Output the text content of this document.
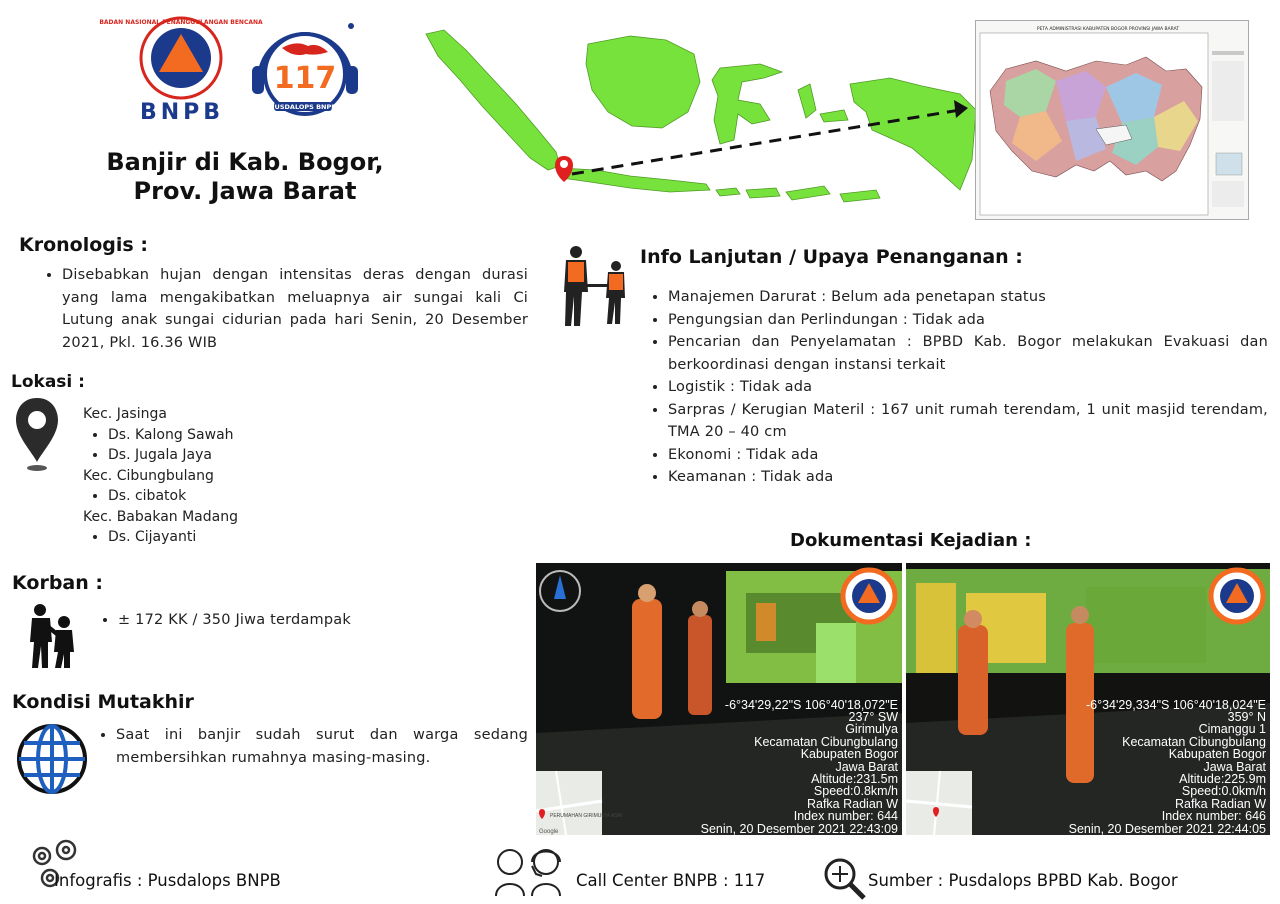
BADAN NASIONAL PENANGGULANGAN BENCANA
BNPB
117
PUSDALOPS BNPB
Banjir di Kab. Bogor,
Prov. Jawa Barat
PETA ADMINISTRASI KABUPATEN BOGOR PROVINSI JAWA BARAT
Kronologis :
• Disebabkan hujan dengan intensitas deras dengan durasi yang lama mengakibatkan meluapnya air sungai kali Ci Lutung anak sungai cidurian pada hari Senin, 20 Desember 2021, Pkl. 16.36 WIB
Lokasi :
Kec. Jasinga
• Ds. Kalong Sawah
• Ds. Jugala Jaya
Kec. Cibungbulang
• Ds. cibatok
Kec. Babakan Madang
• Ds. Cijayanti
Korban :
• ± 172 KK / 350 Jiwa terdampak
Kondisi Mutakhir
• Saat ini banjir sudah surut dan warga sedang membersihkan rumahnya masing-masing.
Info Lanjutan / Upaya Penanganan :
• Manajemen Darurat : Belum ada penetapan status
• Pengungsian dan Perlindungan : Tidak ada
• Pencarian dan Penyelamatan : BPBD Kab. Bogor melakukan Evakuasi dan berkoordinasi dengan instansi terkait
• Logistik : Tidak ada
• Sarpras / Kerugian Materil : 167 unit rumah terendam, 1 unit masjid terendam, TMA 20 – 40 cm
• Ekonomi : Tidak ada
• Keamanan : Tidak ada
Dokumentasi Kejadian :
PERUMAHAN GIRIMULYA ASRI
Google
-6°34'29,22"S 106°40'18,072"E
237° SW
Girimulya
Kecamatan Cibungbulang
Kabupaten Bogor
Jawa Barat
Altitude:231.5m
Speed:0.8km/h
Rafka Radian W
Index number: 644
Senin, 20 Desember 2021 22:43:09
-6°34'29,334"S 106°40'18,024"E
359° N
Cimanggu 1
Kecamatan Cibungbulang
Kabupaten Bogor
Jawa Barat
Altitude:225.9m
Speed:0.0km/h
Rafka Radian W
Index number: 646
Senin, 20 Desember 2021 22:44:05
Infografis : Pusdalops BNPB	Call Center BNPB : 117	Sumber : Pusdalops BPBD Kab. Bogor
